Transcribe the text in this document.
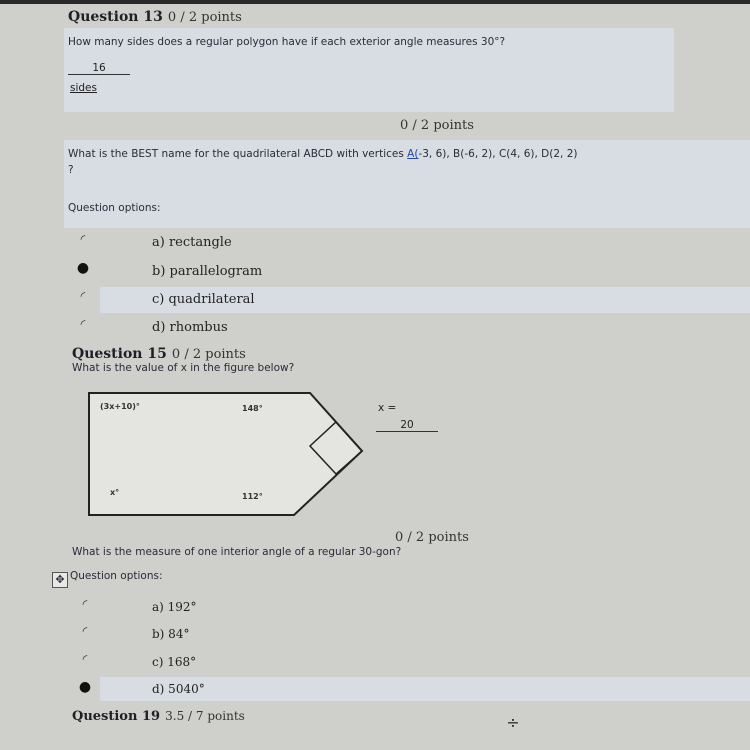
Question 13 0 / 2 points
How many sides does a regular polygon have if each exterior angle measures 30°?
16
sides
0 / 2 points
What is the BEST name for the quadrilateral ABCD with vertices A(-3, 6), B(-6, 2), C(4, 6), D(2, 2)
?
Question options:
◜	a) rectangle
●	b) parallelogram
◜	c) quadrilateral
◜	d) rhombus
Question 15 0 / 2 points
What is the value of x in the figure below?
(3x+10)°	148°
x°	112°
x =
20
0 / 2 points
What is the measure of one interior angle of a regular 30-gon?
✥ Question options:
◜	a) 192°
◜	b) 84°
◜	c) 168°
●	d) 5040°
Question 19 3.5 / 7 points	÷
